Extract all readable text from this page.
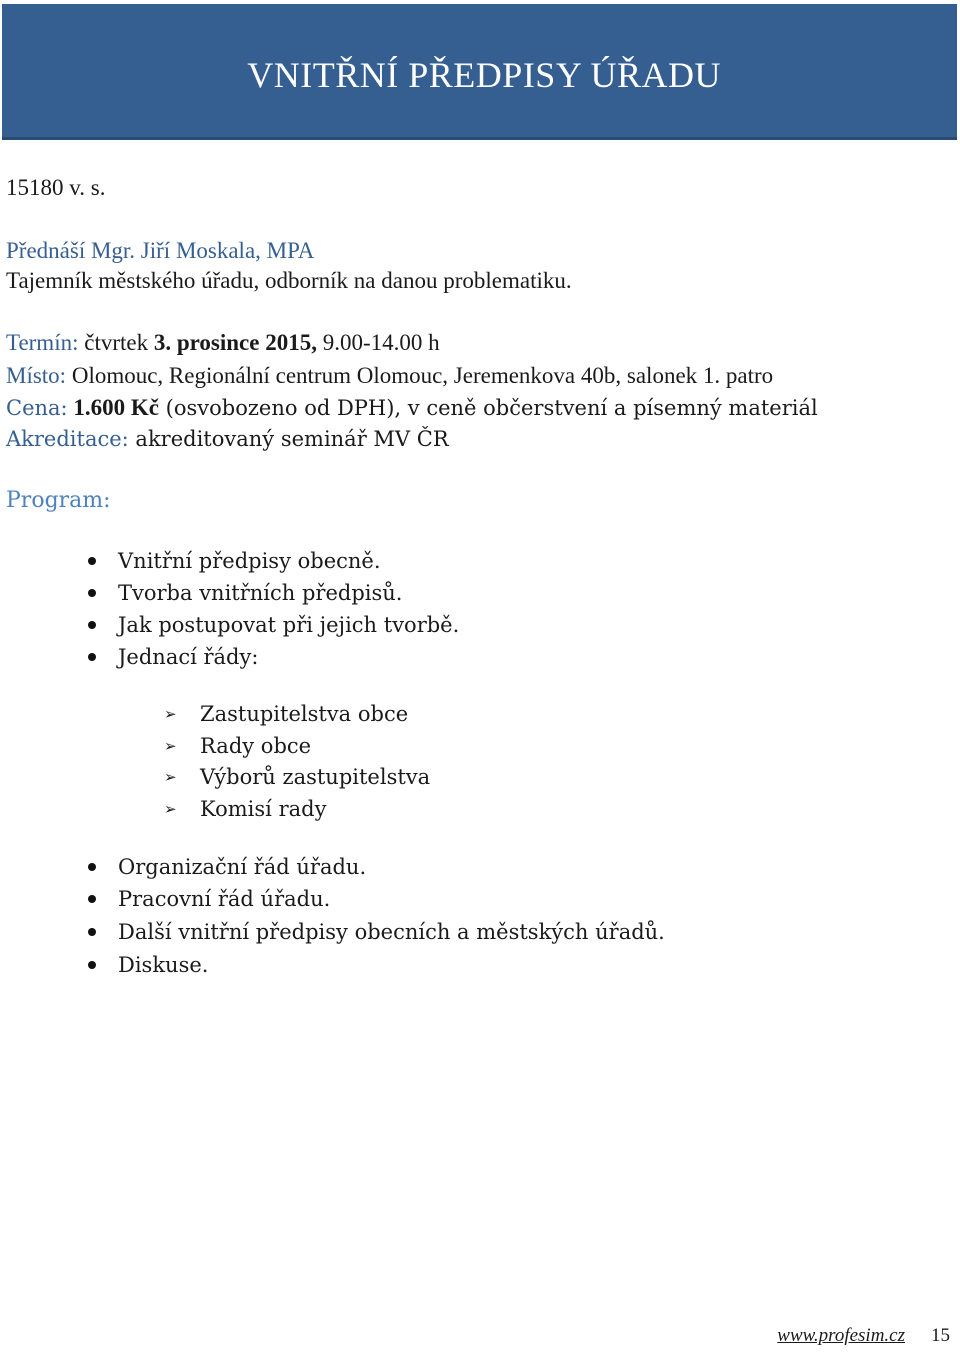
VNITŘNÍ PŘEDPISY ÚŘADU
15180 v. s.
Přednáší Mgr. Jiří Moskala, MPA
Tajemník městského úřadu, odborník na danou problematiku.
Termín: čtvrtek 3. prosince 2015, 9.00-14.00 h
Místo: Olomouc, Regionální centrum Olomouc, Jeremenkova 40b, salonek 1. patro
Cena: 1.600 Kč (osvobozeno od DPH), v ceně občerstvení a písemný materiál
Akreditace: akreditovaný seminář MV ČR
Program:
Vnitřní předpisy obecně.
Tvorba vnitřních předpisů.
Jak postupovat při jejich tvorbě.
Jednací řády:
➢ Zastupitelstva obce
➢ Rady obce
➢ Výborů zastupitelstva
➢ Komisí rady
Organizační řád úřadu.
Pracovní řád úřadu.
Další vnitřní předpisy obecních a městských úřadů.
Diskuse.
www.profesim.cz 15
